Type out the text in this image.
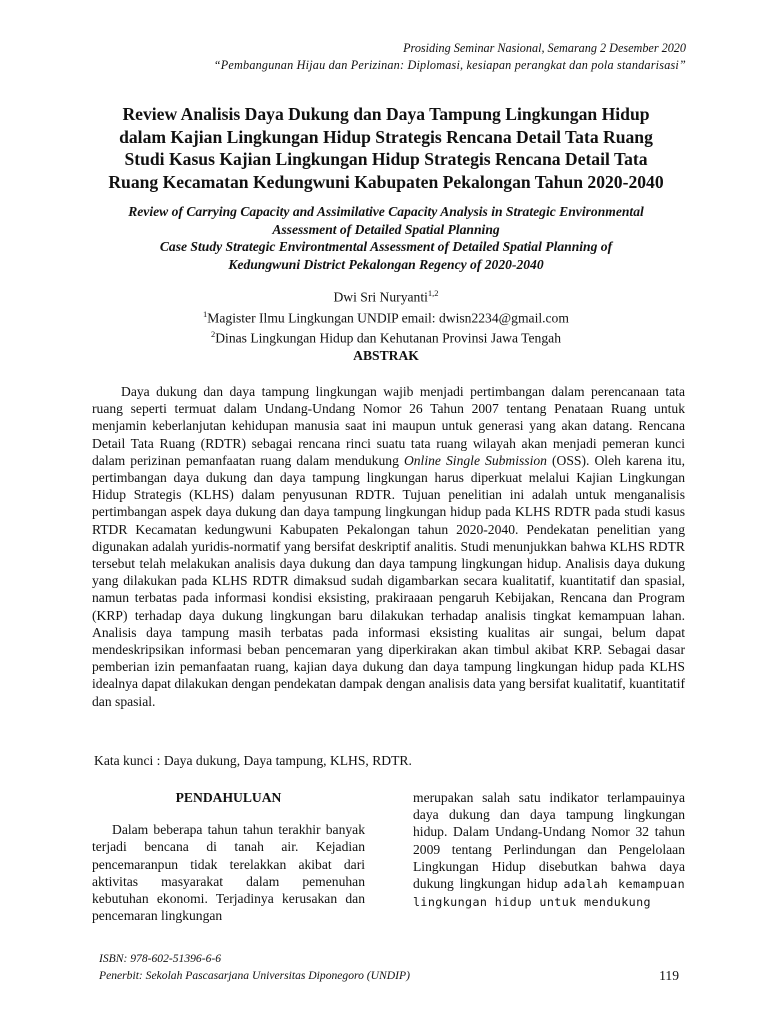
Prosiding Seminar Nasional, Semarang 2 Desember 2020
“Pembangunan Hijau dan Perizinan: Diplomasi, kesiapan perangkat dan pola standarisasi”
Review Analisis Daya Dukung dan Daya Tampung Lingkungan Hidup
dalam Kajian Lingkungan Hidup Strategis Rencana Detail Tata Ruang
Studi Kasus Kajian Lingkungan Hidup Strategis Rencana Detail Tata
Ruang Kecamatan Kedungwuni Kabupaten Pekalongan Tahun 2020-2040
Review of Carrying Capacity and Assimilative Capacity Analysis in Strategic Environmental
Assessment of Detailed Spatial Planning
Case Study Strategic Environtmental Assessment of Detailed Spatial Planning of
Kedungwuni District Pekalongan Regency of 2020-2040
Dwi Sri Nuryanti$^{1,2}$
$^1$Magister Ilmu Lingkungan UNDIP email: dwisn2234@gmail.com
$^2$Dinas Lingkungan Hidup dan Kehutanan Provinsi Jawa Tengah
ABSTRAK

Daya dukung dan daya tampung lingkungan wajib menjadi pertimbangan dalam perencanaan tata ruang seperti termuat dalam Undang-Undang Nomor 26 Tahun 2007 tentang Penataan Ruang untuk menjamin keberlanjutan kehidupan manusia saat ini maupun untuk generasi yang akan datang. Rencana Detail Tata Ruang (RDTR) sebagai rencana rinci suatu tata ruang wilayah akan menjadi pemeran kunci dalam perizinan pemanfaatan ruang dalam mendukung Online Single Submission (OSS). Oleh karena itu, pertimbangan daya dukung dan daya tampung lingkungan harus diperkuat melalui Kajian Lingkungan Hidup Strategis (KLHS) dalam penyusunan RDTR. Tujuan penelitian ini adalah untuk menganalisis pertimbangan aspek daya dukung dan daya tampung lingkungan hidup pada KLHS RDTR pada studi kasus RTDR Kecamatan kedungwuni Kabupaten Pekalongan tahun 2020-2040. Pendekatan penelitian yang digunakan adalah yuridis-normatif yang bersifat deskriptif analitis. Studi menunjukkan bahwa KLHS RDTR tersebut telah melakukan analisis daya dukung dan daya tampung lingkungan hidup. Analisis daya dukung yang dilakukan pada KLHS RDTR dimaksud sudah digambarkan secara kualitatif, kuantitatif dan spasial, namun terbatas pada informasi kondisi eksisting, prakiraaan pengaruh Kebijakan, Rencana dan Program (KRP) terhadap daya dukung lingkungan baru dilakukan terhadap analisis tingkat kemampuan lahan. Analisis daya tampung masih terbatas pada informasi eksisting kualitas air sungai, belum dapat mendeskripsikan informasi beban pencemaran yang diperkirakan akan timbul akibat KRP. Sebagai dasar pemberian izin pemanfaatan ruang, kajian daya dukung dan daya tampung lingkungan hidup pada KLHS idealnya dapat dilakukan dengan pendekatan dampak dengan analisis data yang bersifat kualitatif, kuantitatif dan spasial.

Kata kunci : Daya dukung, Daya tampung, KLHS, RDTR.
PENDAHULUAN

Dalam beberapa tahun tahun terakhir banyak terjadi bencana di tanah air. Kejadian pencemaranpun tidak terelakkan akibat dari aktivitas masyarakat dalam pemenuhan kebutuhan ekonomi. Terjadinya kerusakan dan pencemaran lingkungan

merupakan salah satu indikator terlampauinya daya dukung dan daya tampung lingkungan hidup. Dalam Undang-Undang Nomor 32 tahun 2009 tentang Perlindungan dan Pengelolaan Lingkungan Hidup disebutkan bahwa daya dukung lingkungan hidup adalah kemampuan lingkungan hidup untuk mendukung

ISBN: 978-602-51396-6-6
Penerbit: Sekolah Pascasarjana Universitas Diponegoro (UNDIP)	119
